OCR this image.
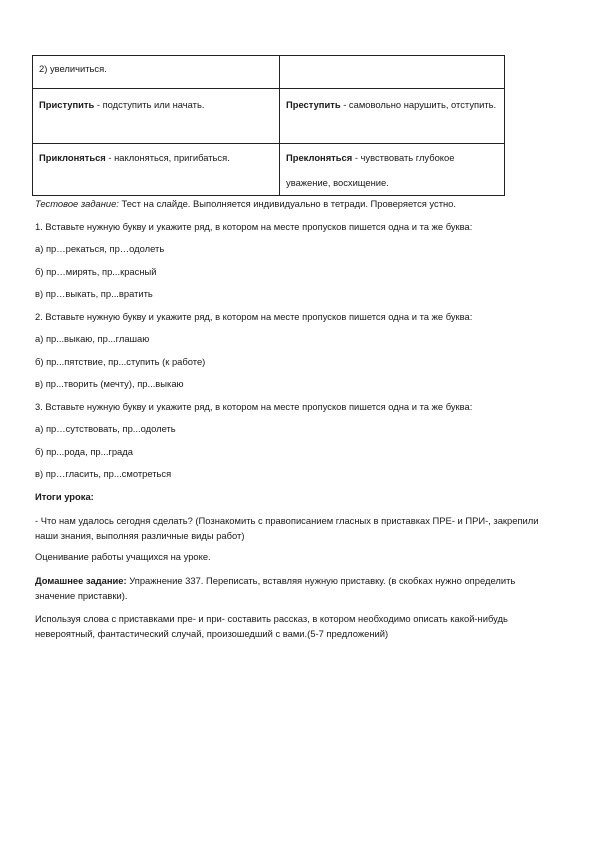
2) увеличиться.	
Приступить - подступить или начать.	Преступить - самовольно нарушить, отступить.
Приклоняться - наклоняться, пригибаться.	Преклоняться - чувствовать глубокое уважение, восхищение.
Тестовое задание: Тест на слайде. Выполняется индивидуально в тетради. Проверяется устно.
1. Вставьте нужную букву и укажите ряд, в котором на месте пропусков пишется одна и та же буква:
а) пр…рекаться, пр…одолеть
б) пр…мирять, пр...красный
в) пр…выкать, пр...вратить
2. Вставьте нужную букву и укажите ряд, в котором на месте пропусков пишется одна и та же буква:
а) пр...выкаю, пр...глашаю
б) пр...пятствие, пр...ступить (к работе)
в) пр...творить (мечту), пр...выкаю
3. Вставьте нужную букву и укажите ряд, в котором на месте пропусков пишется одна и та же буква:
а) пр…сутствовать, пр...одолеть
б) пр...рода, пр...града
в) пр…гласить, пр...смотреться
Итоги урока:
- Что нам удалось сегодня сделать? (Познакомить с правописанием гласных в приставках ПРЕ- и ПРИ-, закрепили наши знания, выполняя различные виды работ)
Оценивание работы учащихся на уроке.
Домашнее задание: Упражнение 337. Переписать, вставляя нужную приставку. (в скобках нужно определить значение приставки).
Используя слова с приставками пре- и при- составить рассказ, в котором необходимо описать какой-нибудь невероятный, фантастический случай, произошедший с вами.(5-7 предложений)
